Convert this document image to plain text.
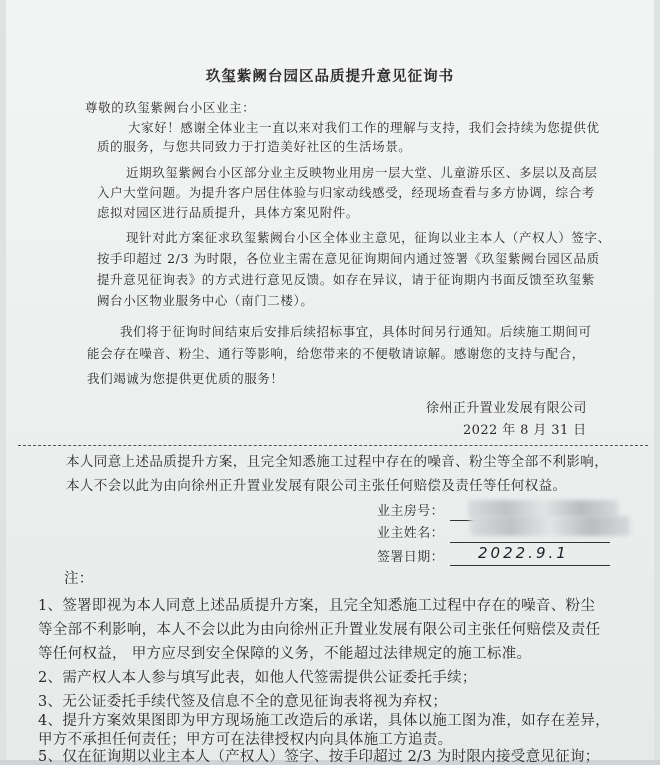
玖玺紫阙台园区品质提升意见征询书
尊敬的玖玺紫阙台小区业主：
大家好！感谢全体业主一直以来对我们工作的理解与支持，我们会持续为您提供优
质的服务，与您共同致力于打造美好社区的生活场景。
近期玖玺紫阙台小区部分业主反映物业用房一层大堂、儿童游乐区、多层以及高层
入户大堂问题。为提升客户居住体验与归家动线感受，经现场查看与多方协调，综合考
虑拟对园区进行品质提升，具体方案见附件。
现针对此方案征求玖玺紫阙台小区全体业主意见，征询以业主本人（产权人）签字、
按手印超过 2/3 为时限，各位业主需在意见征询期间内通过签署《玖玺紫阙台园区品质
提升意见征询表》的方式进行意见反馈。如存在异议，请于征询期内书面反馈至玖玺紫
阙台小区物业服务中心（南门二楼）。
我们将于征询时间结束后安排后续招标事宜，具体时间另行通知。后续施工期间可
能会存在噪音、粉尘、通行等影响，给您带来的不便敬请谅解。感谢您的支持与配合，
我们竭诚为您提供更优质的服务！
徐州正升置业发展有限公司
2022 年 8 月 31 日
本人同意上述品质提升方案，且完全知悉施工过程中存在的噪音、粉尘等全部不利影响，
本人不会以此为由向徐州正升置业发展有限公司主张任何赔偿及责任等任何权益。
业主房号：
业主姓名：
签署日期： 2022.9.1
注：
1、签署即视为本人同意上述品质提升方案，且完全知悉施工过程中存在的噪音、粉尘
等全部不利影响，本人不会以此为由向徐州正升置业发展有限公司主张任何赔偿及责任
等任何权益， 甲方应尽到安全保障的义务，不能超过法律规定的施工标准。
2、需产权人本人参与填写此表，如他人代签需提供公证委托手续；
3、无公证委托手续代签及信息不全的意见征询表将视为弃权；
4、提升方案效果图即为甲方现场施工改造后的承诺，具体以施工图为准，如存在差异，
甲方不承担任何责任；甲方可在法律授权内向具体施工方追责。
5、仅在征询期以业主本人（产权人）签字、按手印超过 2/3 为时限内接受意见征询；
